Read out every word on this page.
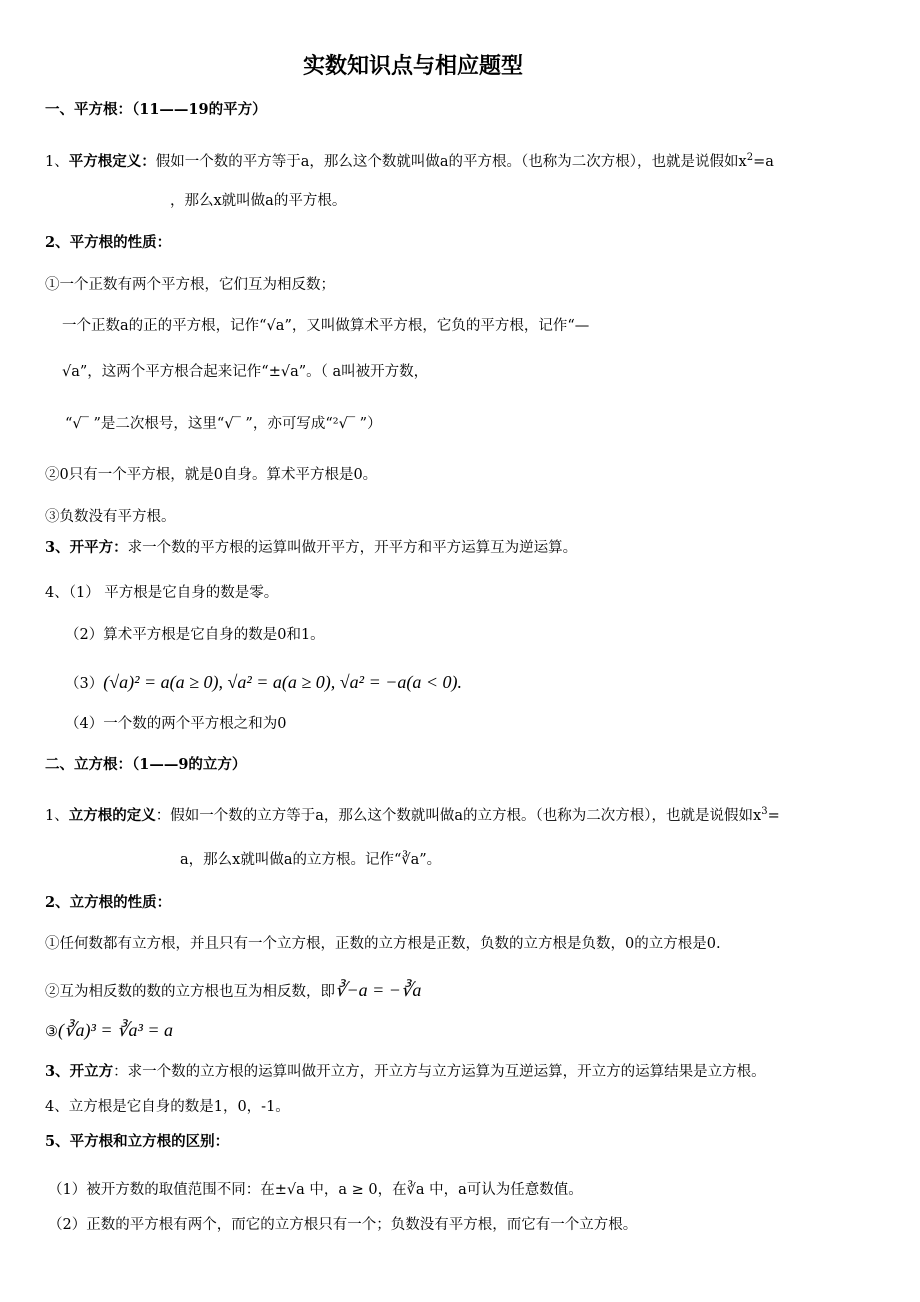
实数知识点与相应题型
一、平方根：（11——19的平方）
1、平方根定义：假如一个数的平方等于a，那么这个数就叫做a的平方根。（也称为二次方根），也就是说假如$x^2=a$
，那么x就叫做a的平方根。
2、平方根的性质：
①一个正数有两个平方根，它们互为相反数；
一个正数a的正的平方根，记作“√a”，又叫做算术平方根，它负的平方根，记作“—
√a”，这两个平方根合起来记作“±√a”。（ a叫被开方数，
“√‾ ”是二次根号，这里“√‾ ”，亦可写成“²√‾ ”）
②0只有一个平方根，就是0自身。算术平方根是0。
③负数没有平方根。
3、开平方：求一个数的平方根的运算叫做开平方，开平方和平方运算互为逆运算。
4、（1） 平方根是它自身的数是零。
（2）算术平方根是它自身的数是0和1。
（3）(√a)² = a(a ≥ 0), √a² = a(a ≥ 0), √a² = −a(a < 0).
（4）一个数的两个平方根之和为0
二、立方根：（1——9的立方）
1、立方根的定义：假如一个数的立方等于a，那么这个数就叫做a的立方根。（也称为二次方根），也就是说假如$x^3=$
a，那么x就叫做a的立方根。记作“∛a”。
2、立方根的性质：
①任何数都有立方根，并且只有一个立方根，正数的立方根是正数，负数的立方根是负数，0的立方根是0.
②互为相反数的数的立方根也互为相反数，即∛−a = −∛a
③(∛a)³ = ∛a³ = a
3、开立方：求一个数的立方根的运算叫做开立方，开立方与立方运算为互逆运算，开立方的运算结果是立方根。
4、立方根是它自身的数是1，0，-1。
5、平方根和立方根的区别：
（1）被开方数的取值范围不同：在±√a 中，a ≥ 0，在∛a 中，a可认为任意数值。
（2）正数的平方根有两个，而它的立方根只有一个；负数没有平方根，而它有一个立方根。
